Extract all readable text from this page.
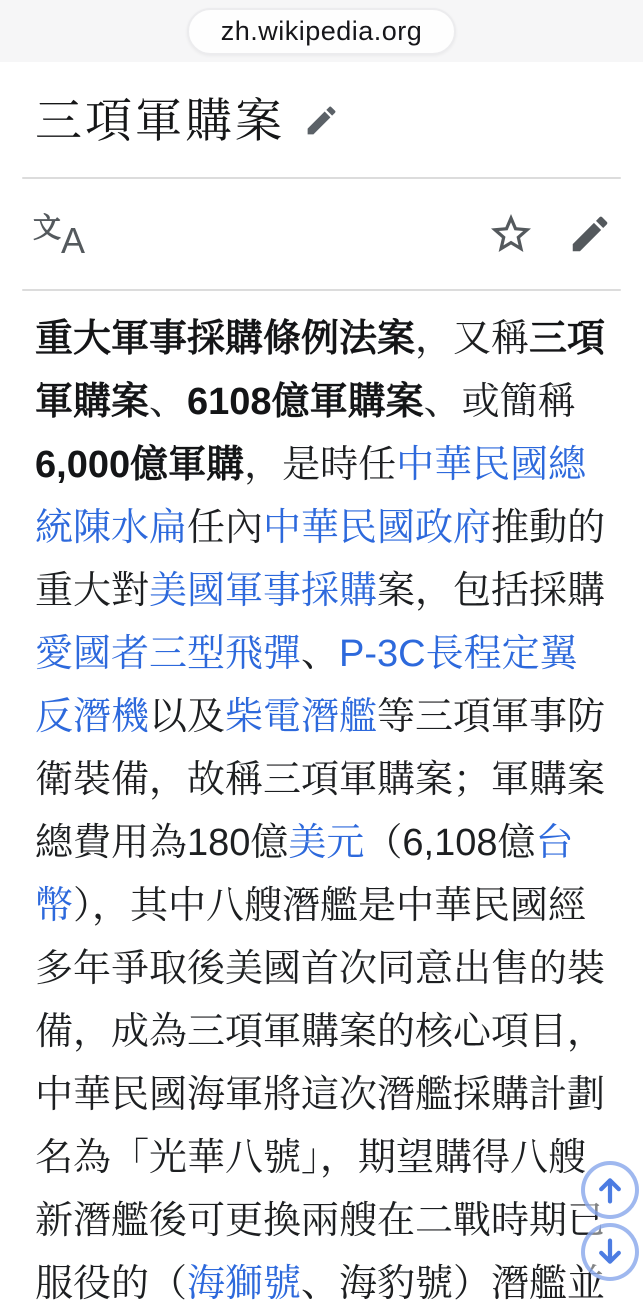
zh.wikipedia.org
三項軍購案
文 A

重大軍事採購條例法案，又稱三項軍購案、6108億軍購案、或簡稱6,000億軍購，是時任中華民國總統陳水扁任內中華民國政府推動的重大對美國軍事採購案，包括採購愛國者三型飛彈、P-3C長程定翼反潛機以及柴電潛艦等三項軍事防衛裝備，故稱三項軍購案；軍購案總費用為180億美元（6,108億台幣），其中八艘潛艦是中華民國經多年爭取後美國首次同意出售的裝備，成為三項軍購案的核心項目，中華民國海軍將這次潛艦採購計劃名為「光華八號」，期望購得八艘新潛艦後可更換兩艘在二戰時期已服役的（海獅號、海豹號）潛艦並
